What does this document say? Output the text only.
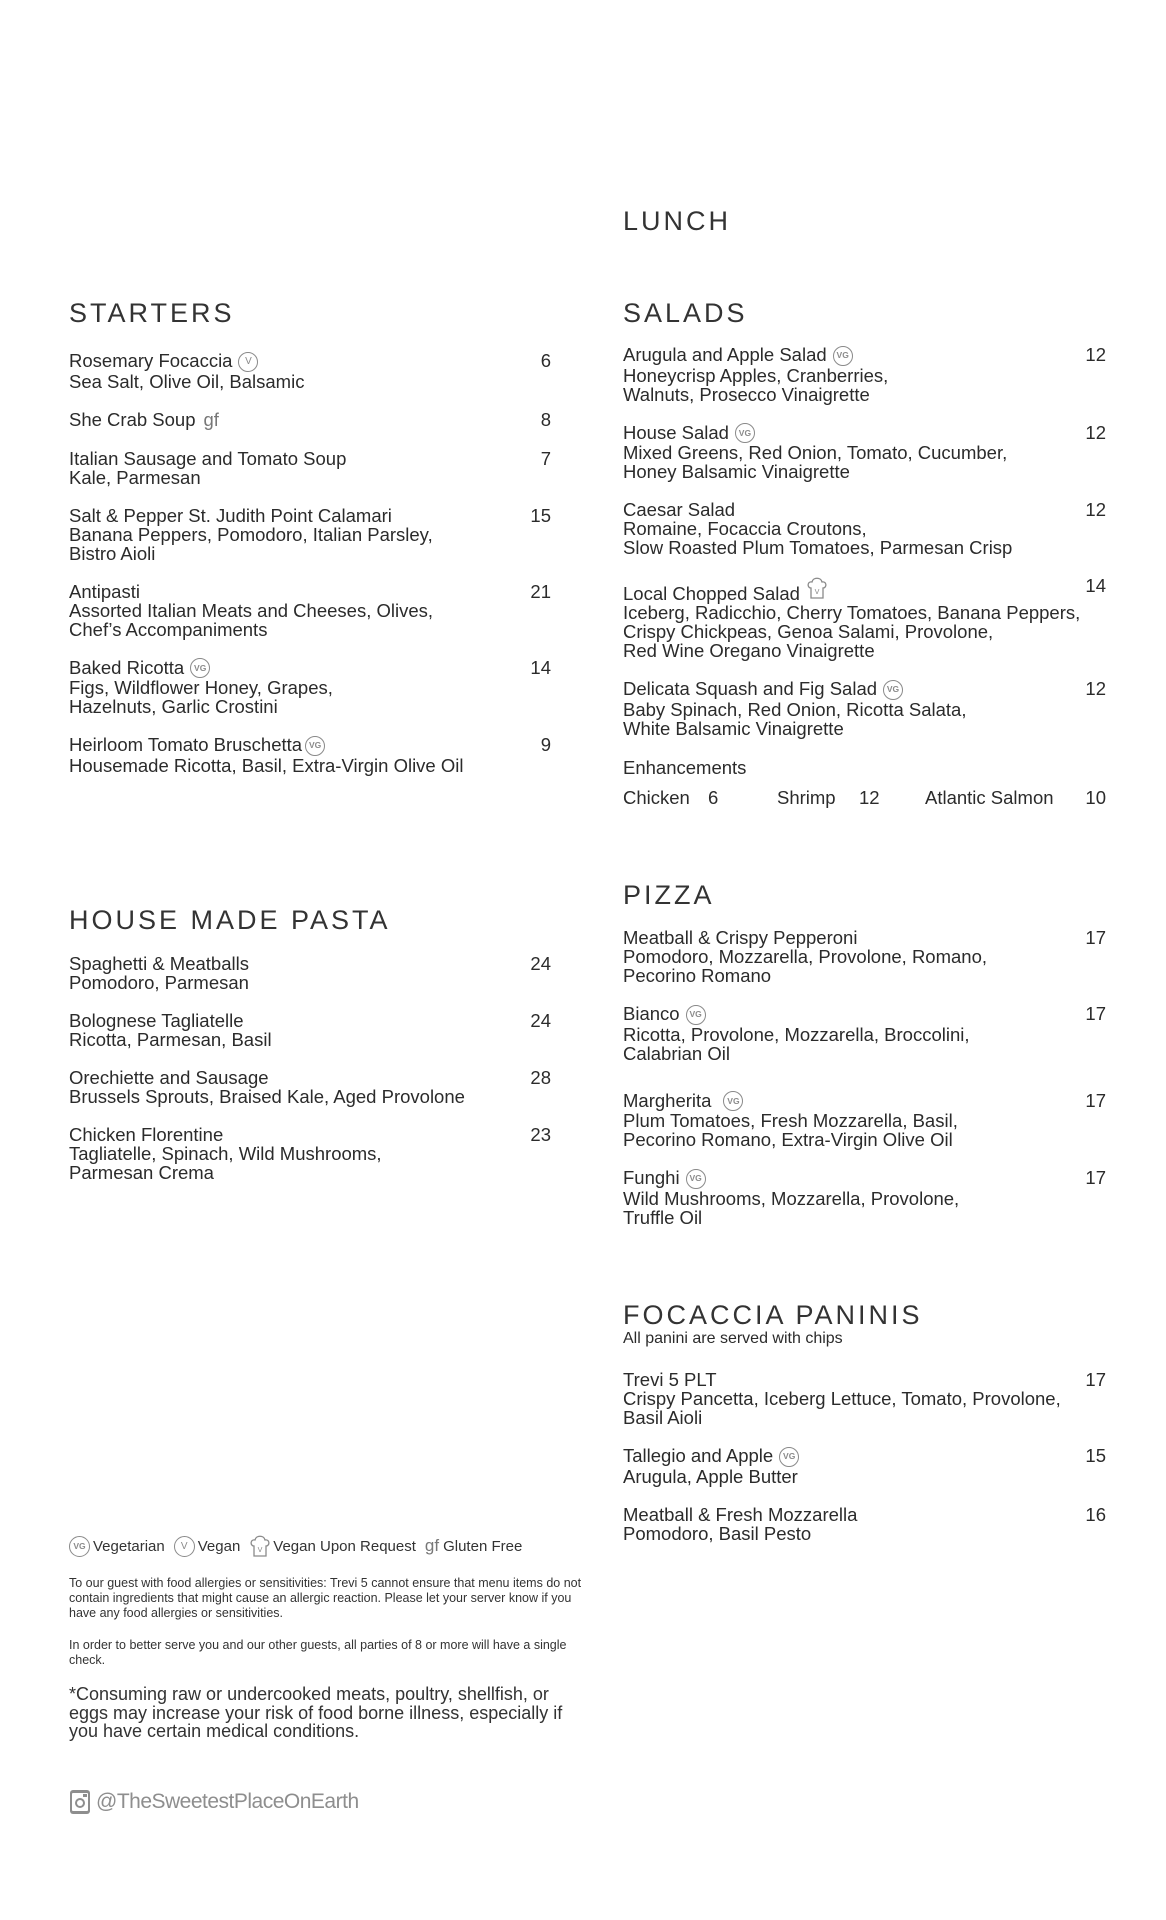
LUNCH
STARTERS
Rosemary Focaccia V
Sea Salt, Olive Oil, Balsamic
6
She Crab Soup gf	8
Italian Sausage and Tomato Soup
Kale, Parmesan
7
Salt & Pepper St. Judith Point Calamari
Banana Peppers, Pomodoro, Italian Parsley,
Bistro Aioli
15
Antipasti
Assorted Italian Meats and Cheeses, Olives,
Chef’s Accompaniments
21
Baked Ricotta VG
Figs, Wildflower Honey, Grapes,
Hazelnuts, Garlic Crostini
14
Heirloom Tomato Bruschetta VG
Housemade Ricotta, Basil, Extra-Virgin Olive Oil
9
HOUSE MADE PASTA
Spaghetti & Meatballs
Pomodoro, Parmesan
24
Bolognese Tagliatelle
Ricotta, Parmesan, Basil
24
Orechiette and Sausage
Brussels Sprouts, Braised Kale, Aged Provolone
28
Chicken Florentine
Tagliatelle, Spinach, Wild Mushrooms,
Parmesan Crema
23
SALADS
Arugula and Apple Salad VG
Honeycrisp Apples, Cranberries,
Walnuts, Prosecco Vinaigrette
12
House Salad VG
Mixed Greens, Red Onion, Tomato, Cucumber,
Honey Balsamic Vinaigrette
12
Caesar Salad
Romaine, Focaccia Croutons,
Slow Roasted Plum Tomatoes, Parmesan Crisp
12
Local Chopped Salad V
Iceberg, Radicchio, Cherry Tomatoes, Banana Peppers,
Crispy Chickpeas, Genoa Salami, Provolone,
Red Wine Oregano Vinaigrette
14
Delicata Squash and Fig Salad VG
Baby Spinach, Red Onion, Ricotta Salata,
White Balsamic Vinaigrette
12
Enhancements
Chicken 6	Shrimp 12 Atlantic Salmon 10
PIZZA
Meatball & Crispy Pepperoni
Pomodoro, Mozzarella, Provolone, Romano,
Pecorino Romano
17
Bianco VG
Ricotta, Provolone, Mozzarella, Broccolini,
Calabrian Oil
17
Margherita VG
Plum Tomatoes, Fresh Mozzarella, Basil,
Pecorino Romano, Extra-Virgin Olive Oil
17
Funghi VG
Wild Mushrooms, Mozzarella, Provolone,
Truffle Oil
17
FOCACCIA PANINIS
All panini are served with chips
Trevi 5 PLT
Crispy Pancetta, Iceberg Lettuce, Tomato, Provolone,
Basil Aioli
17
Tallegio and Apple VG
Arugula, Apple Butter
15
Meatball & Fresh Mozzarella
Pomodoro, Basil Pesto
16
VG Vegetarian	V Vegan	V Vegan Upon Request gf Gluten Free
To our guest with food allergies or sensitivities: Trevi 5 cannot ensure that menu items do not contain ingredients that might cause an allergic reaction. Please let your server know if you have any food allergies or sensitivities.
In order to better serve you and our other guests, all parties of 8 or more will have a single check.
*Consuming raw or undercooked meats, poultry, shellfish, or eggs may increase your risk of food borne illness, especially if you have certain medical conditions.
@TheSweetestPlaceOnEarth
